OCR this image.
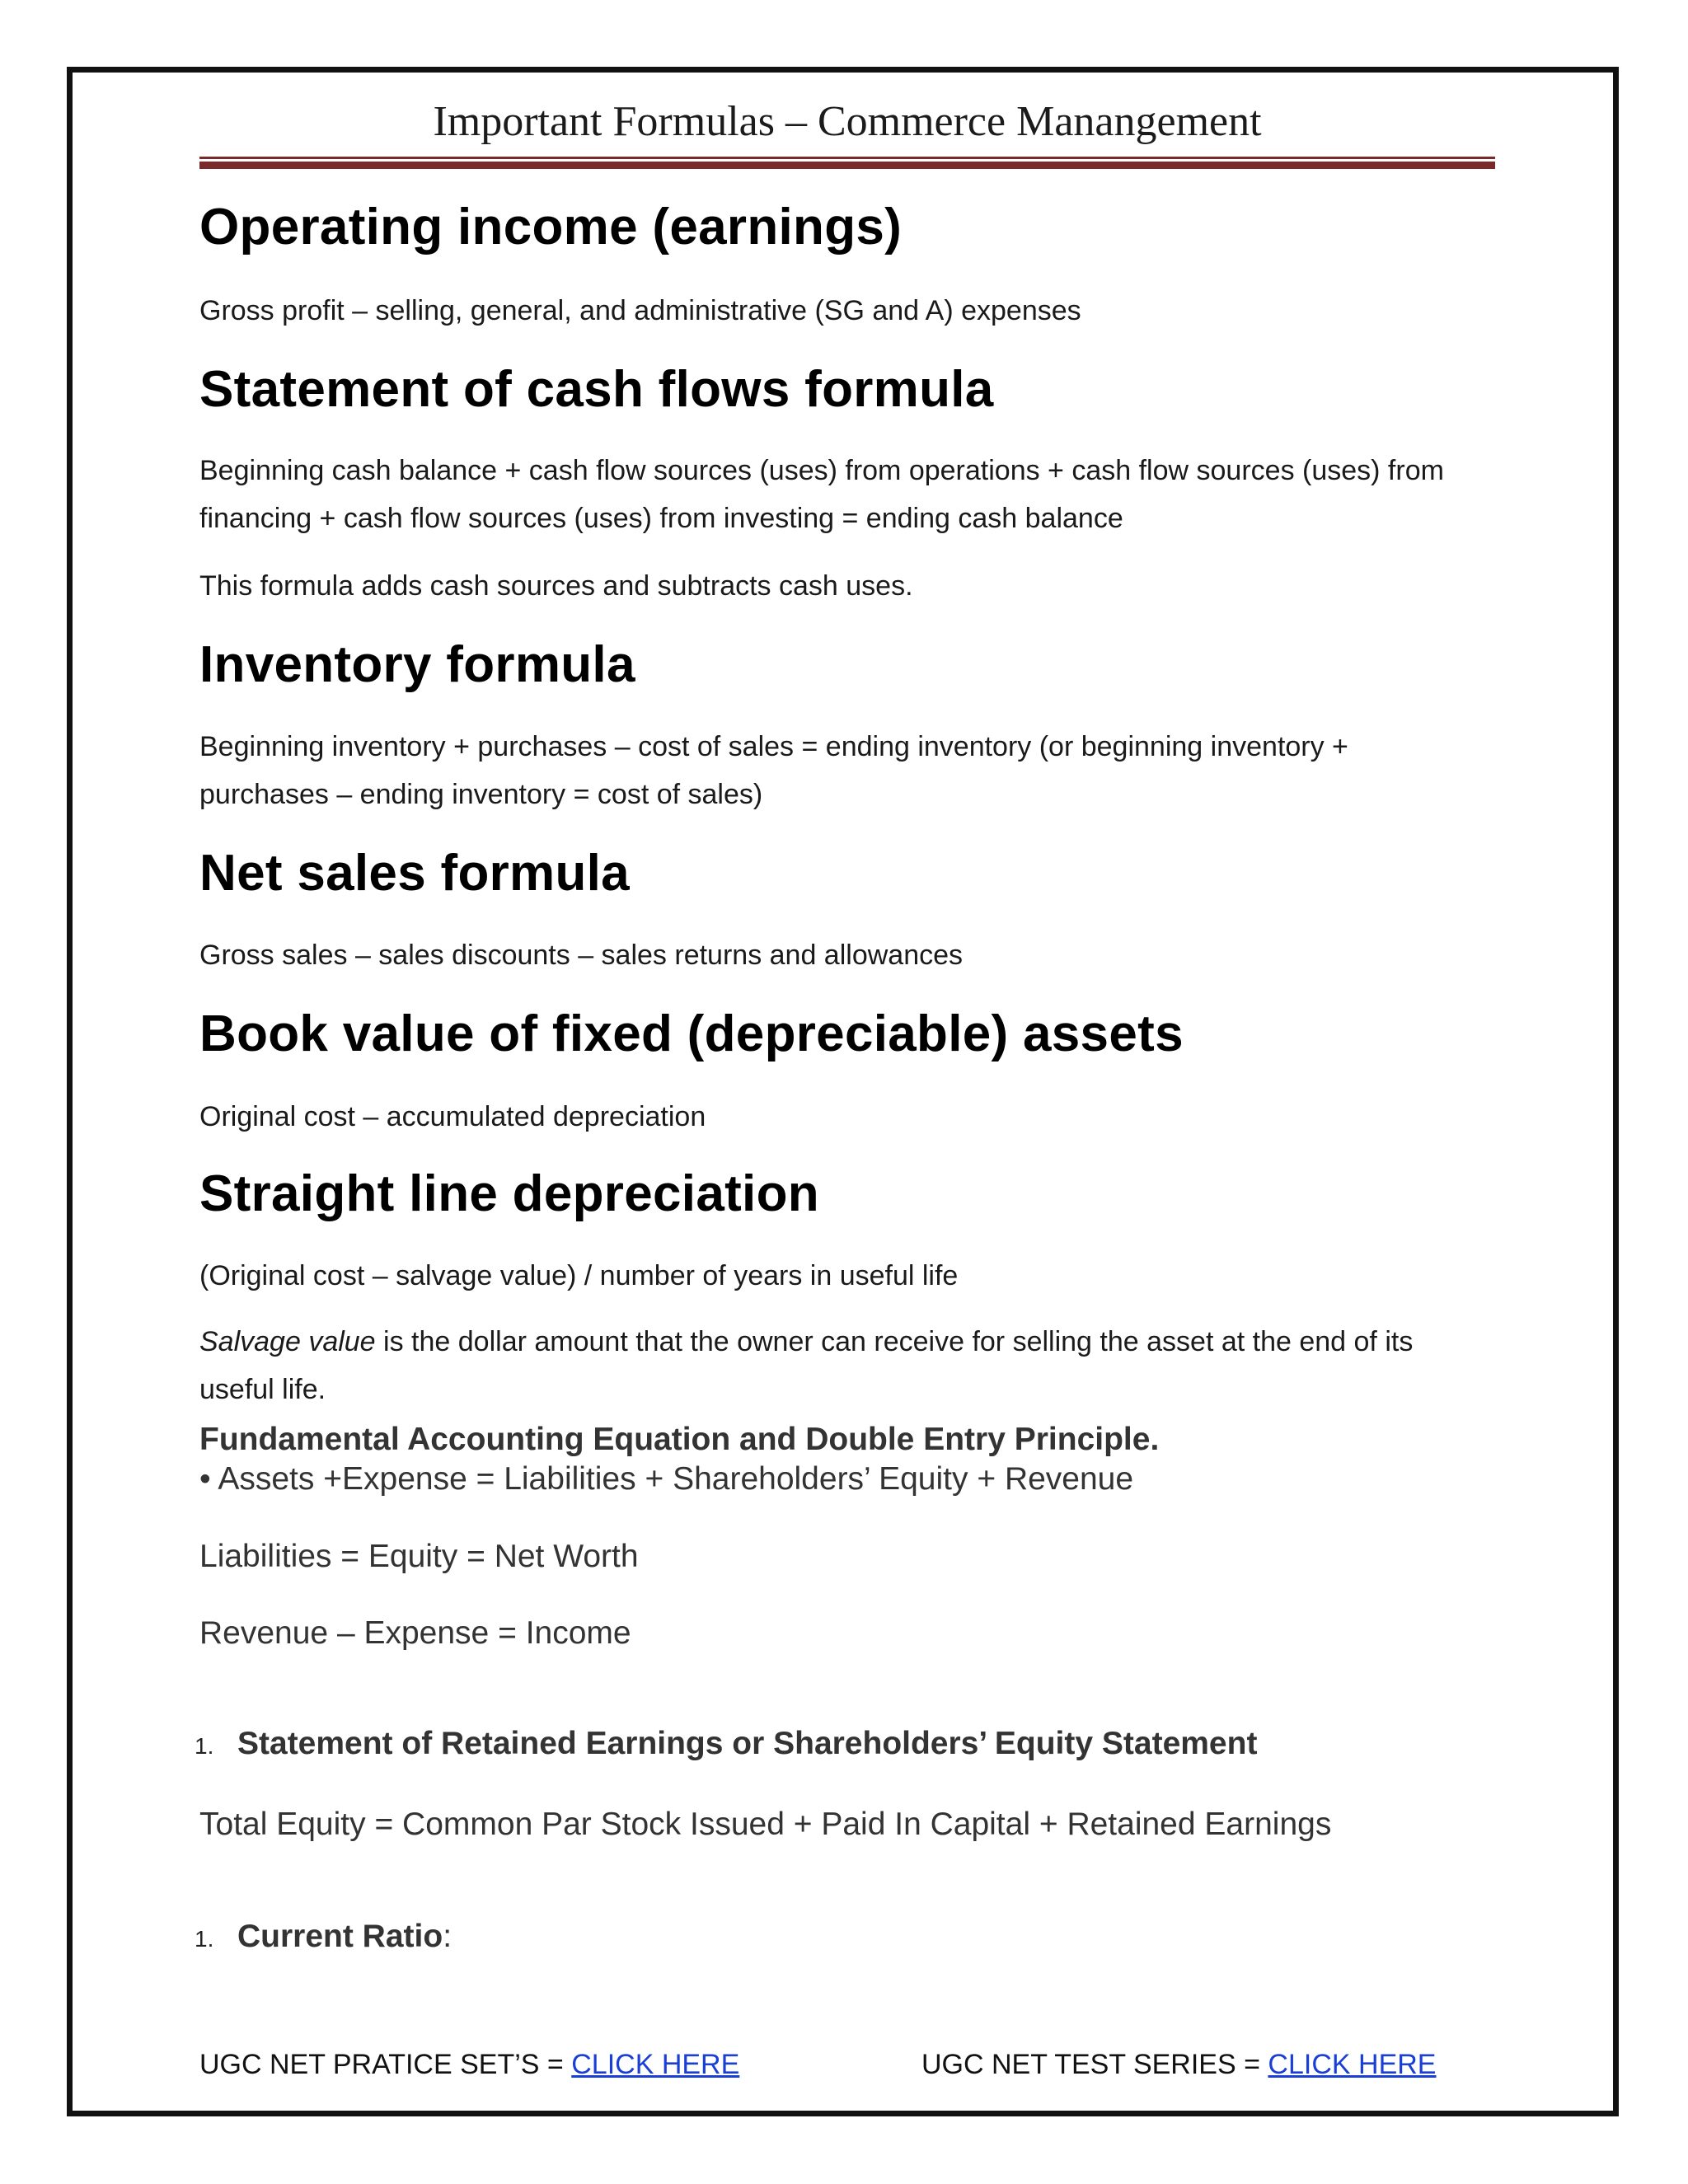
Important Formulas – Commerce Manangement
Operating income (earnings)

Gross profit – selling, general, and administrative (SG and A) expenses

Statement of cash flows formula

Beginning cash balance + cash flow sources (uses) from operations + cash flow sources (uses) from

financing + cash flow sources (uses) from investing = ending cash balance

This formula adds cash sources and subtracts cash uses.

Inventory formula

Beginning inventory + purchases – cost of sales = ending inventory (or beginning inventory +

purchases – ending inventory = cost of sales)

Net sales formula

Gross sales – sales discounts – sales returns and allowances

Book value of fixed (depreciable) assets

Original cost – accumulated depreciation

Straight line depreciation

(Original cost – salvage value) / number of years in useful life

Salvage value is the dollar amount that the owner can receive for selling the asset at the end of its

useful life.

Fundamental Accounting Equation and Double Entry Principle.

• Assets +Expense = Liabilities + Shareholders’ Equity + Revenue

Liabilities = Equity = Net Worth

Revenue – Expense = Income

1. Statement of Retained Earnings or Shareholders’ Equity Statement

Total Equity = Common Par Stock Issued + Paid In Capital + Retained Earnings

1. Current Ratio :
UGC NET PRATICE SET’S = CLICK HERE	UGC NET TEST SERIES = CLICK HERE
